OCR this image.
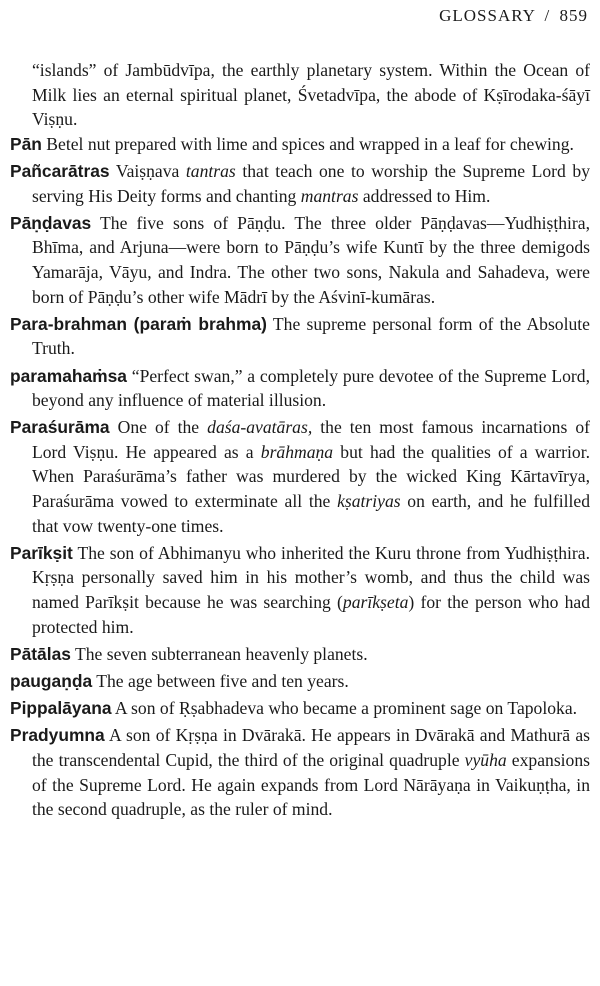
GLOSSARY / 859

“islands” of Jambūdvīpa, the earthly planetary system. Within the Ocean of Milk lies an eternal spiritual planet, Śvetadvīpa, the abode of Kṣīrodaka-śāyī Viṣṇu.

Pān Betel nut prepared with lime and spices and wrapped in a leaf for chewing.

Pañcarātras Vaiṣṇava tantras that teach one to worship the Supreme Lord by serving His Deity forms and chanting mantras addressed to Him.

Pāṇḍavas The five sons of Pāṇḍu. The three older Pāṇḍavas—Yudhiṣṭhira, Bhīma, and Arjuna—were born to Pāṇḍu’s wife Kuntī by the three demigods Yamarāja, Vāyu, and Indra. The other two sons, Nakula and Sahadeva, were born of Pāṇḍu’s other wife Mādrī by the Aśvinī-kumāras.

Para-brahman (paraṁ brahma) The supreme personal form of the Absolute Truth.

paramahaṁsa “Perfect swan,” a completely pure devotee of the Supreme Lord, beyond any influence of material illusion.

Paraśurāma One of the daśa-avatāras, the ten most famous incarnations of Lord Viṣṇu. He appeared as a brāhmaṇa but had the qualities of a warrior. When Paraśurāma’s father was murdered by the wicked King Kārtavīrya, Paraśurāma vowed to exterminate all the kṣatriyas on earth, and he fulfilled that vow twenty-one times.

Parīkṣit The son of Abhimanyu who inherited the Kuru throne from Yudhiṣṭhira. Kṛṣṇa personally saved him in his mother’s womb, and thus the child was named Parīkṣit because he was searching (parīkṣeta) for the person who had protected him.

Pātālas The seven subterranean heavenly planets.

paugaṇḍa The age between five and ten years.

Pippalāyana A son of Ṛṣabhadeva who became a prominent sage on Tapoloka.

Pradyumna A son of Kṛṣṇa in Dvārakā. He appears in Dvārakā and Mathurā as the transcendental Cupid, the third of the original quadruple vyūha expansions of the Supreme Lord. He again expands from Lord Nārāyaṇa in Vaikuṇṭha, in the second quadruple, as the ruler of mind.
